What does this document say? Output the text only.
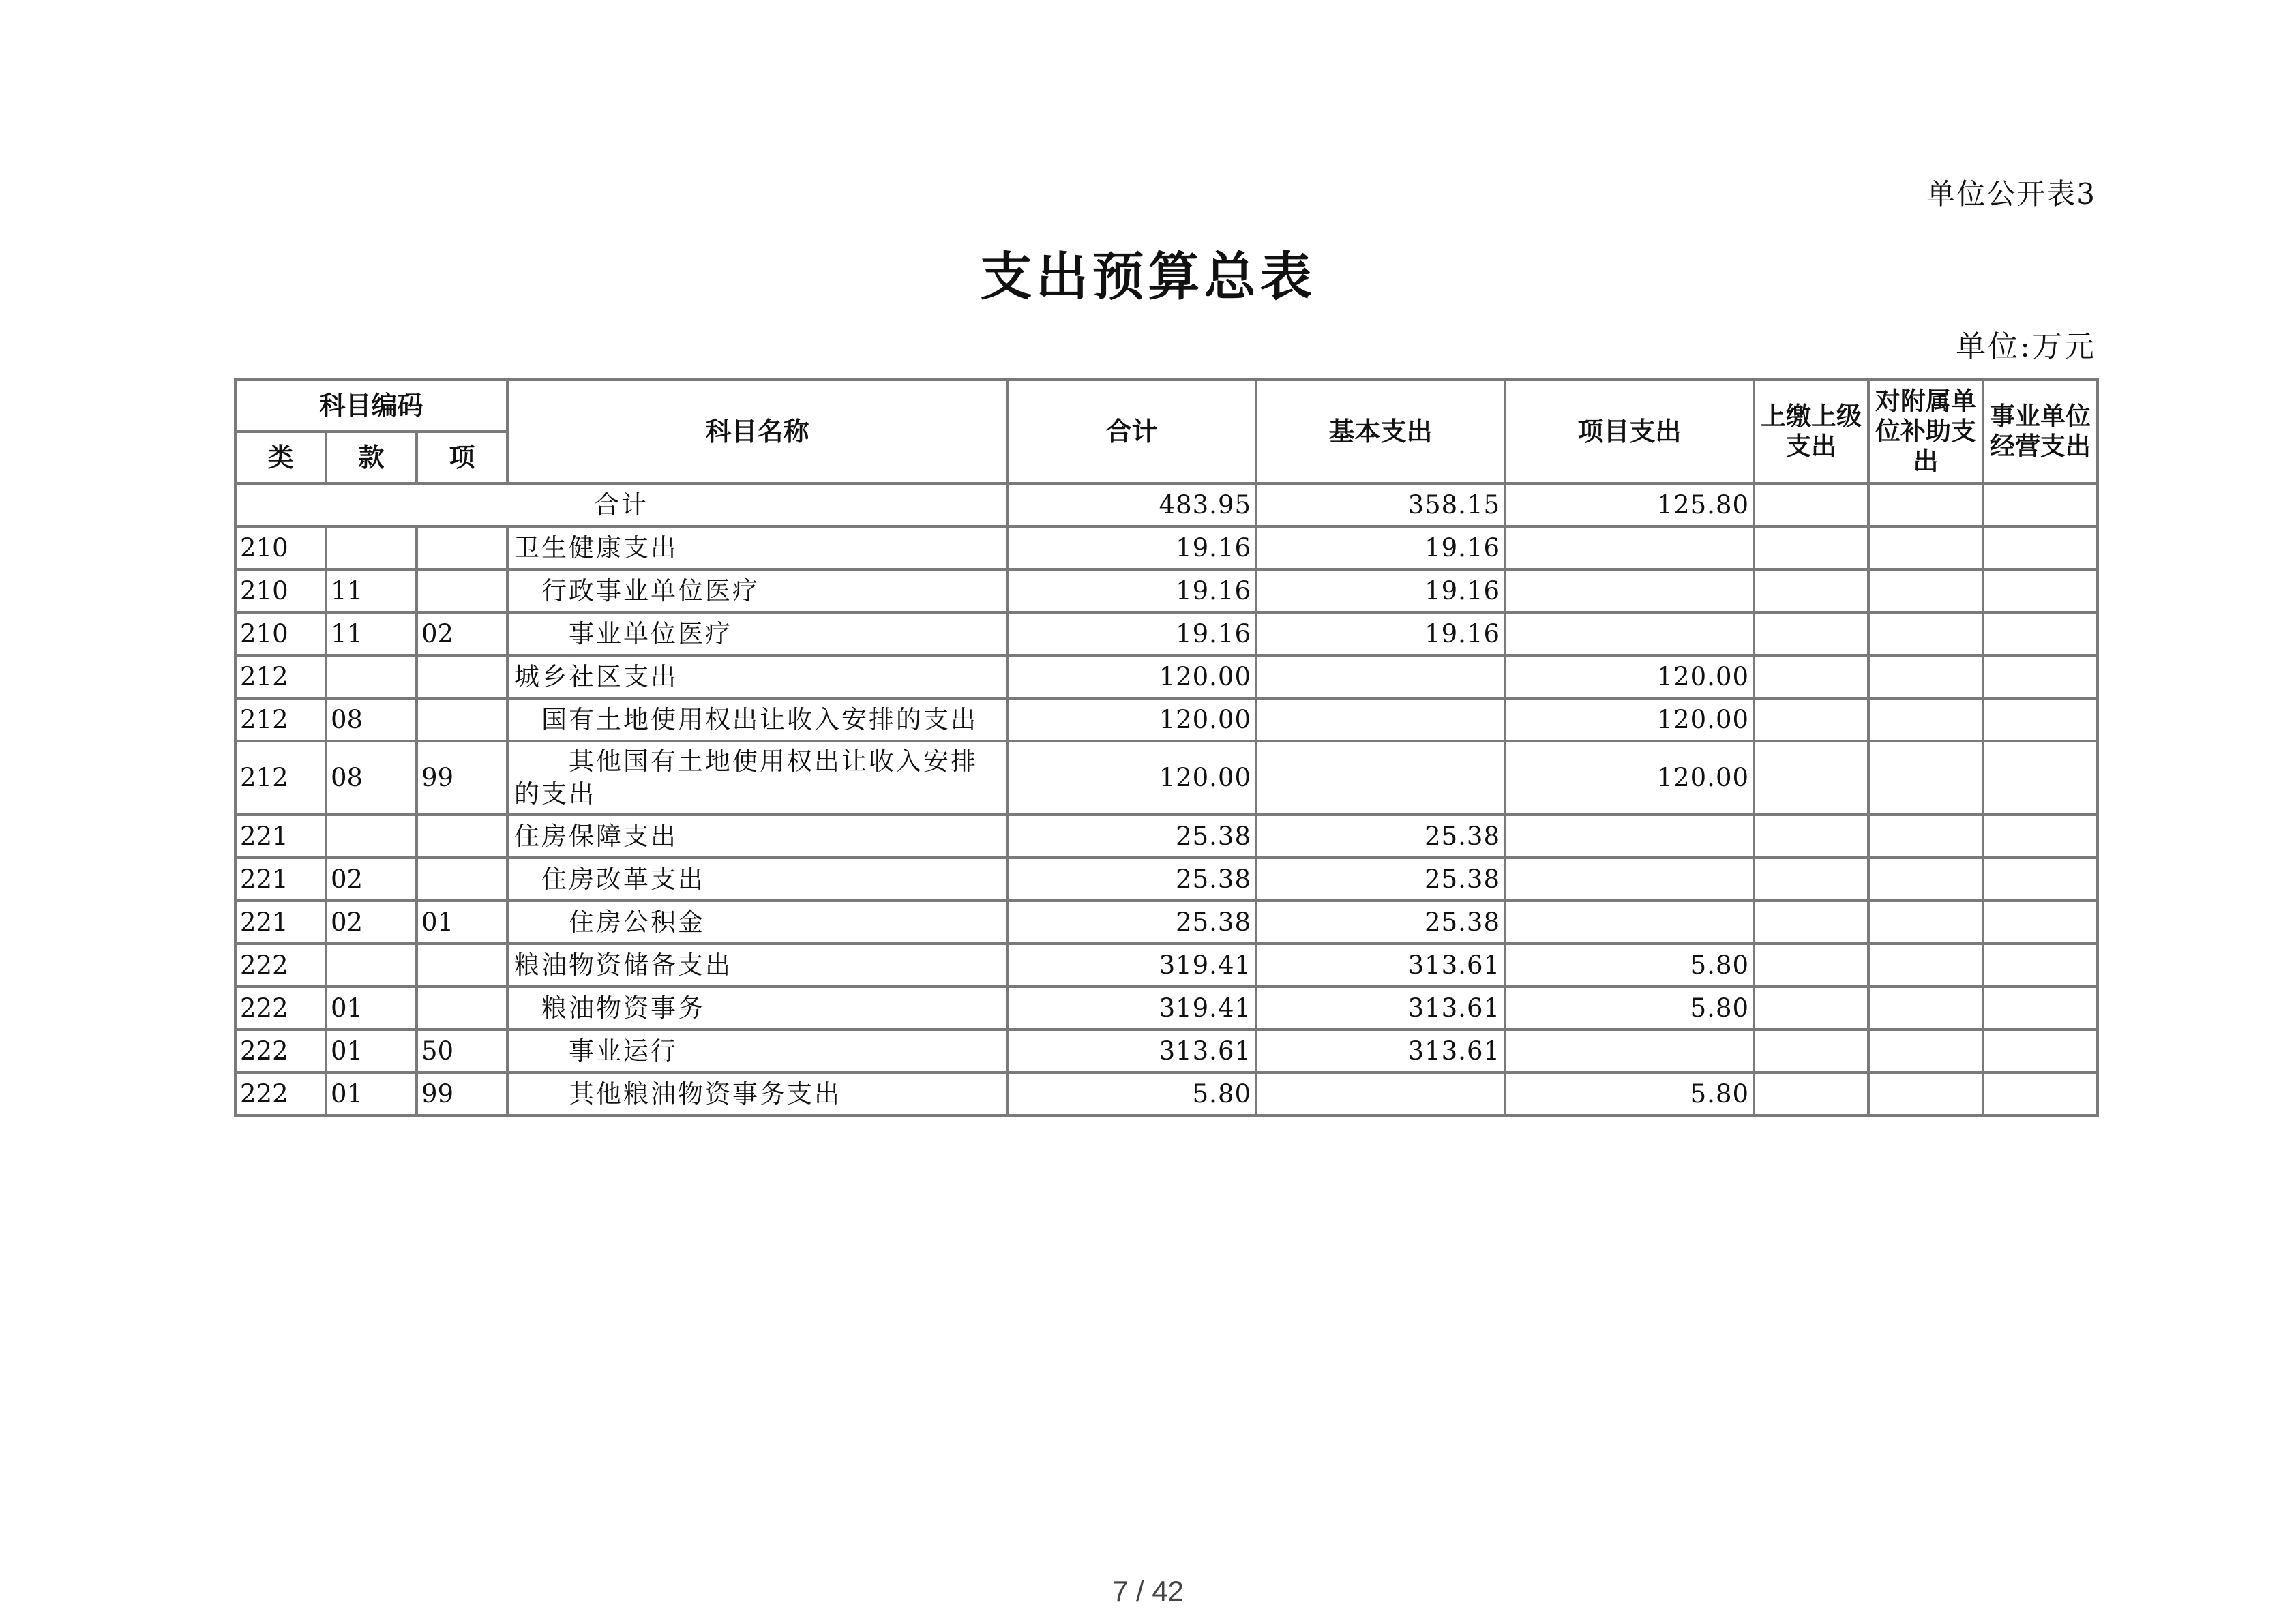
单位公开表3
支出预算总表
单位:万元
科目编码			科目名称	合计	基本支出	项目支出	上缴上级支出	对附属单位补助支出	事业单位经营支出
类	款	项							
合计				483.95	358.15	125.80			
210			卫生健康支出	19.16	19.16				
210	11		行政事业单位医疗	19.16	19.16				
210	11	02	事业单位医疗	19.16	19.16				
212			城乡社区支出	120.00		120.00			
212	08		国有土地使用权出让收入安排的支出	120.00		120.00			
212	08	99	其他国有土地使用权出让收入安排的支出	120.00		120.00			
221			住房保障支出	25.38	25.38				
221	02		住房改革支出	25.38	25.38				
221	02	01	住房公积金	25.38	25.38				
222			粮油物资储备支出	319.41	313.61	5.80			
222	01		粮油物资事务	319.41	313.61	5.80			
222	01	50	事业运行	313.61	313.61				
222	01	99	其他粮油物资事务支出	5.80		5.80			
7 / 42
